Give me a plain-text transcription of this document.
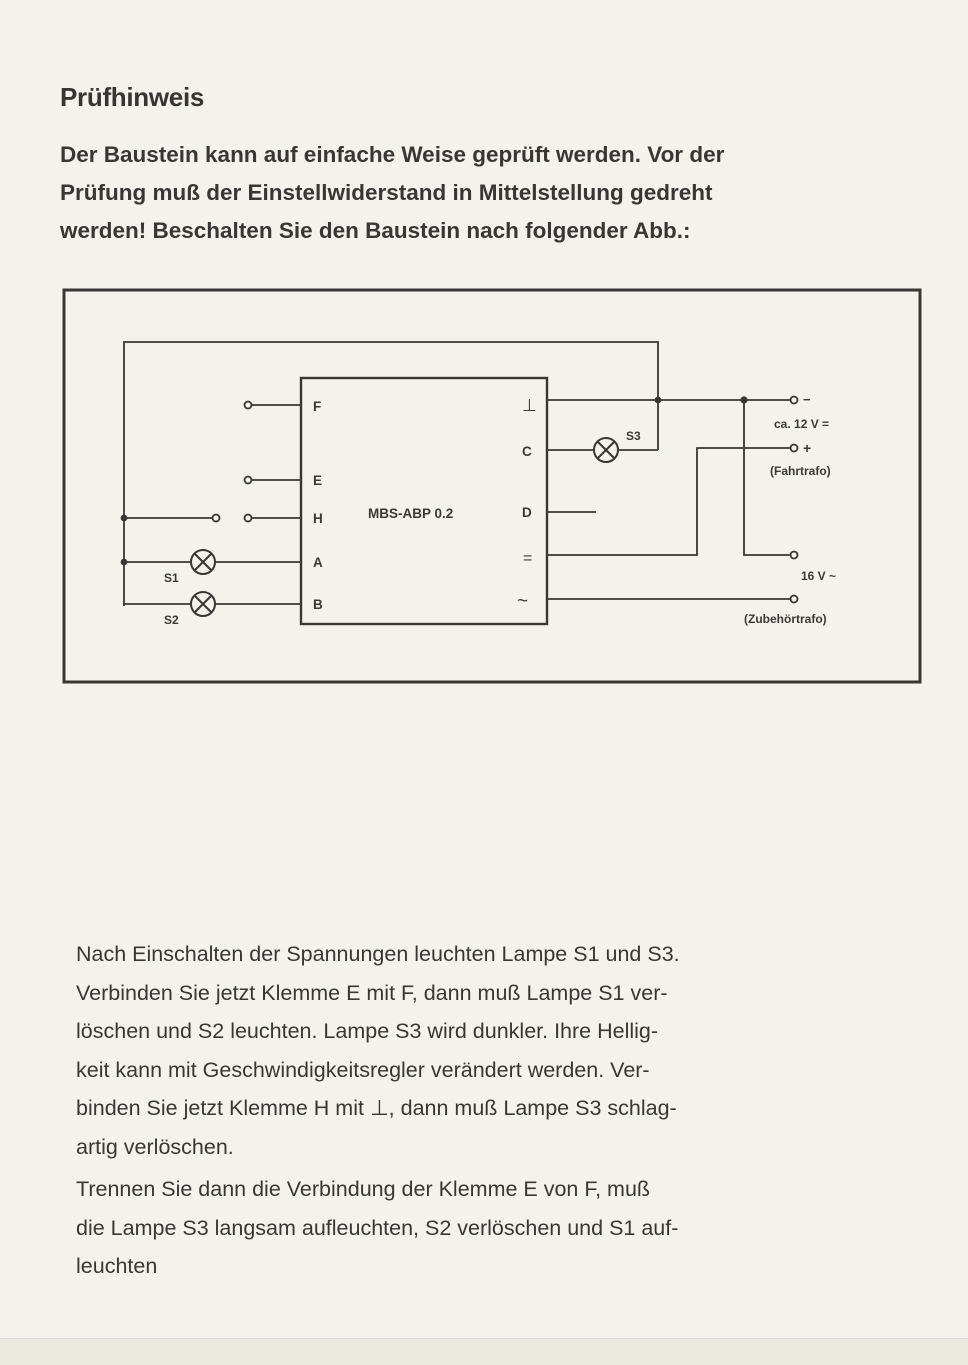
Prüfhinweis

Der Baustein kann auf einfache Weise geprüft werden. Vor der

Prüfung muß der Einstellwiderstand in Mittelstellung gedreht

werden! Beschalten Sie den Baustein nach folgender Abb.:

MBS-ABP 0.2
F
E
H
A
B
⊥
C
D
=
~
S1
S2
S3
−
ca. 12 V =
+
(Fahrtrafo)
16 V ~
(Zubehörtrafo)
Nach Einschalten der Spannungen leuchten Lampe S1 und S3.
Verbinden Sie jetzt Klemme E mit F, dann muß Lampe S1 ver-
löschen und S2 leuchten. Lampe S3 wird dunkler. Ihre Hellig-
keit kann mit Geschwindigkeitsregler verändert werden. Ver-
binden Sie jetzt Klemme H mit ⊥, dann muß Lampe S3 schlag-
artig verlöschen.
Trennen Sie dann die Verbindung der Klemme E von F, muß
die Lampe S3 langsam aufleuchten, S2 verlöschen und S1 auf-
leuchten
